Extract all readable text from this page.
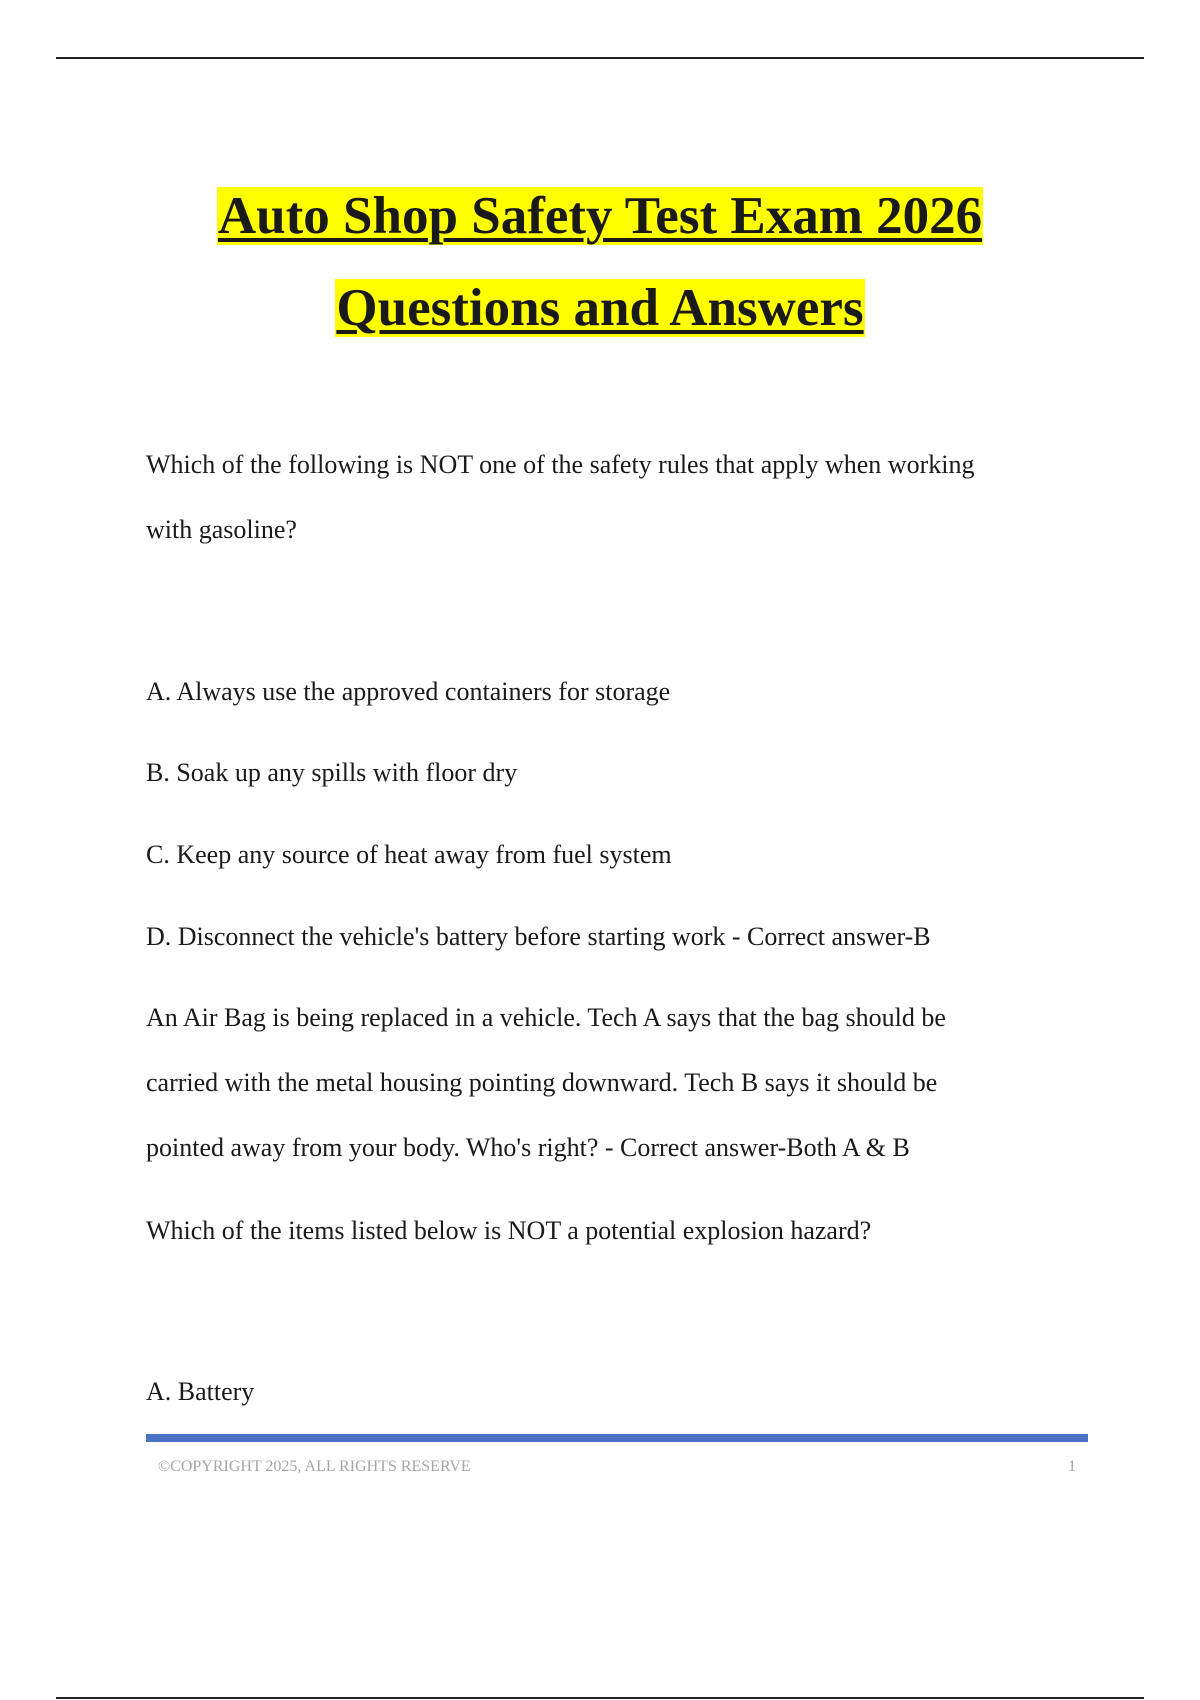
Auto Shop Safety Test Exam 2026
Questions and Answers
Which of the following is NOT one of the safety rules that apply when working
with gasoline?
A. Always use the approved containers for storage
B. Soak up any spills with floor dry
C. Keep any source of heat away from fuel system
D. Disconnect the vehicle's battery before starting work - Correct answer-B
An Air Bag is being replaced in a vehicle. Tech A says that the bag should be
carried with the metal housing pointing downward. Tech B says it should be
pointed away from your body. Who's right? - Correct answer-Both A & B
Which of the items listed below is NOT a potential explosion hazard?
A. Battery
©COPYRIGHT 2025, ALL RIGHTS RESERVE	1
